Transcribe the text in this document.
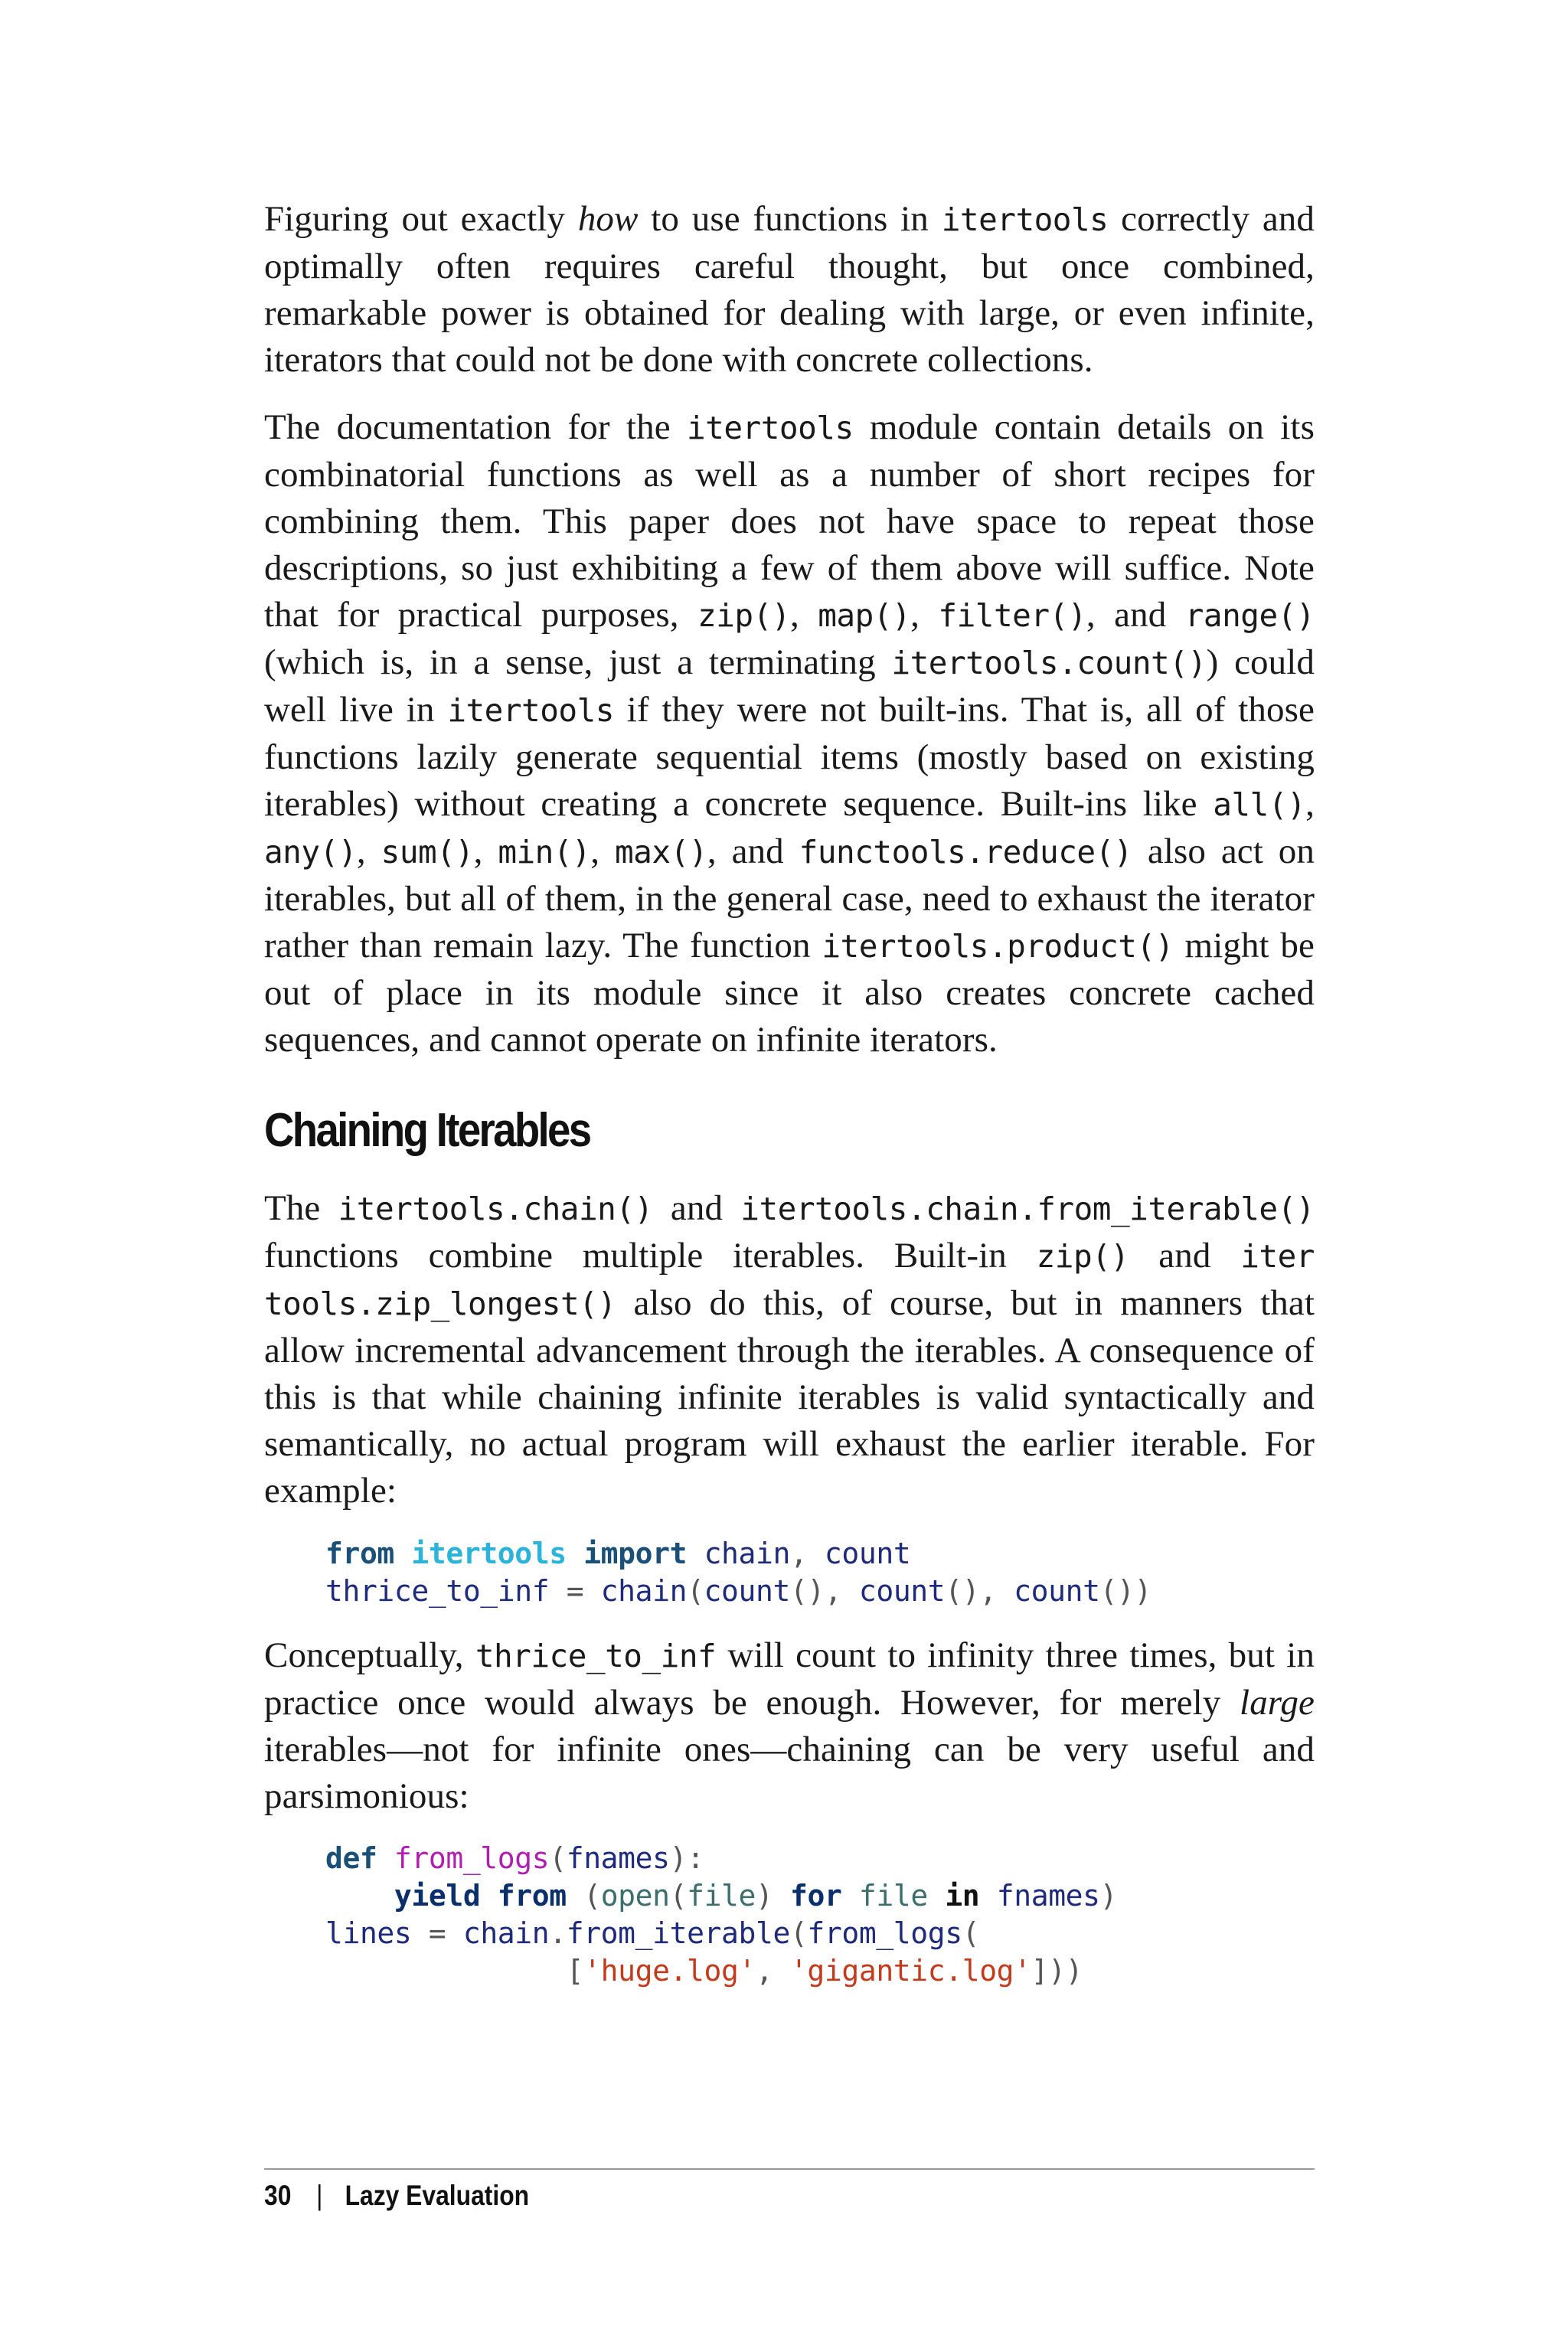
Figuring out exactly how to use functions in itertools correctly and optimally often requires careful thought, but once combined, remarkable power is obtained for dealing with large, or even infinite, iterators that could not be done with concrete collections.

The documentation for the itertools module contain details on its combinatorial functions as well as a number of short recipes for combining them. This paper does not have space to repeat those descriptions, so just exhibiting a few of them above will suffice. Note that for practical purposes, zip(), map(), filter(), and range() (which is, in a sense, just a terminating itertools.count()) could well live in itertools if they were not built-ins. That is, all of those functions lazily generate sequential items (mostly based on existing iterables) without creating a concrete sequence. Built-ins like all(), any(), sum(), min(), max(), and functools.reduce() also act on iterables, but all of them, in the general case, need to exhaust the iterator rather than remain lazy. The function itertools.prod​uct() might be out of place in its module since it also creates concrete cached sequences, and cannot operate on infinite iterators.

Chaining Iterables

The itertools.chain() and itertools.chain.from_iterable() functions combine multiple iterables. Built-in zip() and iter​tools.zip_longest() also do this, of course, but in manners that allow incremental advancement through the iterables. A consequence of this is that while chaining infinite iterables is valid syntactically and semantically, no actual program will exhaust the earlier iterable. For example:

from itertools import chain, count
thrice_to_inf = chain(count(), count(), count())

Conceptually, thrice_to_inf will count to infinity three times, but in practice once would always be enough. However, for merely large iterables—not for infinite ones—chaining can be very useful and parsimonious:

def from_logs(fnames):
yield from (open(file) for file in fnames)
lines = chain.from_iterable(from_logs(
['huge.log', 'gigantic.log']))
30 | Lazy Evaluation
